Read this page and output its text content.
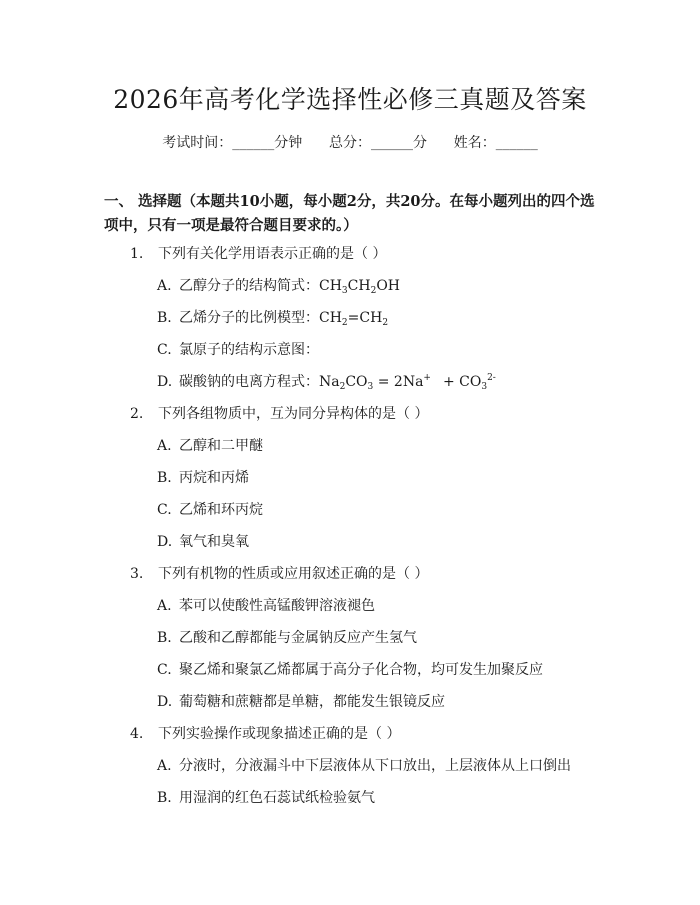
2026年高考化学选择性必修三真题及答案
考试时间：______分钟 总分：______分 姓名：______
一、 选择题（本题共10小题，每小题2分，共20分。在每小题列出的四个选项中，只有一项是最符合题目要求的。）
1. 下列有关化学用语表示正确的是（ ）
A. 乙醇分子的结构简式：$CH_3CH_2OH$
B. 乙烯分子的比例模型：$CH_2=CH_2$
C. 氯原子的结构示意图：
D. 碳酸钠的电离方程式：$Na_2CO_3 = 2Na^+ + CO_3^{2-}$
2. 下列各组物质中，互为同分异构体的是（ ）
A. 乙醇和二甲醚
B. 丙烷和丙烯
C. 乙烯和环丙烷
D. 氧气和臭氧
3. 下列有机物的性质或应用叙述正确的是（ ）
A. 苯可以使酸性高锰酸钾溶液褪色
B. 乙酸和乙醇都能与金属钠反应产生氢气
C. 聚乙烯和聚氯乙烯都属于高分子化合物，均可发生加聚反应
D. 葡萄糖和蔗糖都是单糖，都能发生银镜反应
4. 下列实验操作或现象描述正确的是（ ）
A. 分液时，分液漏斗中下层液体从下口放出，上层液体从上口倒出
B. 用湿润的红色石蕊试纸检验氨气
